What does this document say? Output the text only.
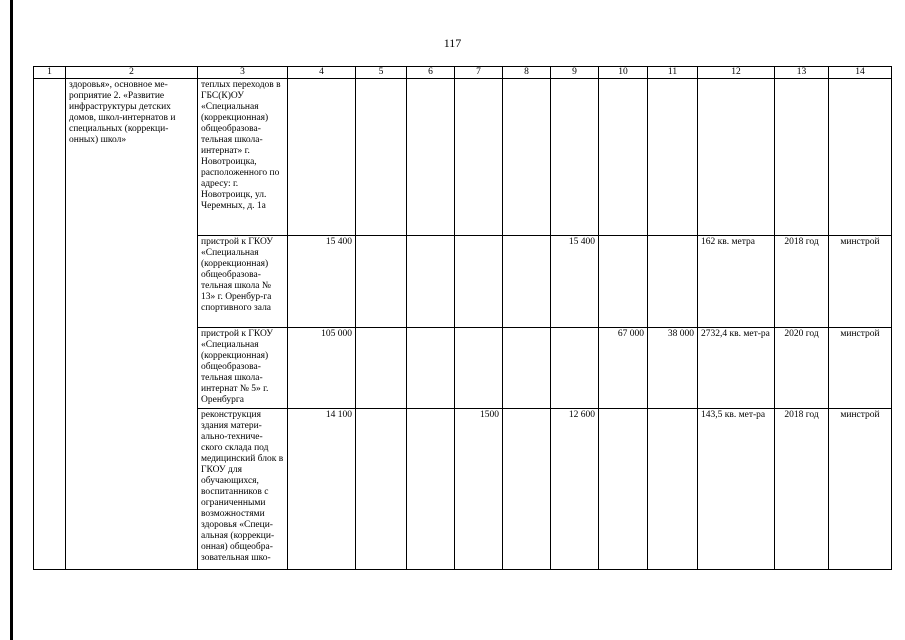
117
1	2	3	4	5	6	7	8	9	10	11	12	13	14
	здоровья», основное ме-роприятие 2. «Развитие инфраструктуры детских домов, школ-интернатов и специальных (коррекци-онных) школ»	теплых переходов в ГБС(К)ОУ «Специальная (коррекционная) общеобразова-тельная школа-интернат» г. Новотроицка, расположенного по адресу: г. Новотроицк, ул. Черемных, д. 1а											
		пристрой к ГКОУ «Специальная (коррекционная) общеобразова-тельная школа № 13» г. Оренбур-га спортивного зала	15 400					15 400			162 кв. метра	2018 год	минстрой
		пристрой к ГКОУ «Специальная (коррекционная) общеобразова-тельная школа-интернат № 5» г. Оренбурга	105 000						67 000	38 000	2732,4 кв. мет-ра	2020 год	минстрой
		реконструкция здания матери-ально-техниче-ского склада под медицинский блок в ГКОУ для обучающихся, воспитанников с ограниченными возможностями здоровья «Специ-альная (коррекци-онная) общеобра-зовательная шко-	14 100			1500		12 600			143,5 кв. мет-ра	2018 год	минстрой
